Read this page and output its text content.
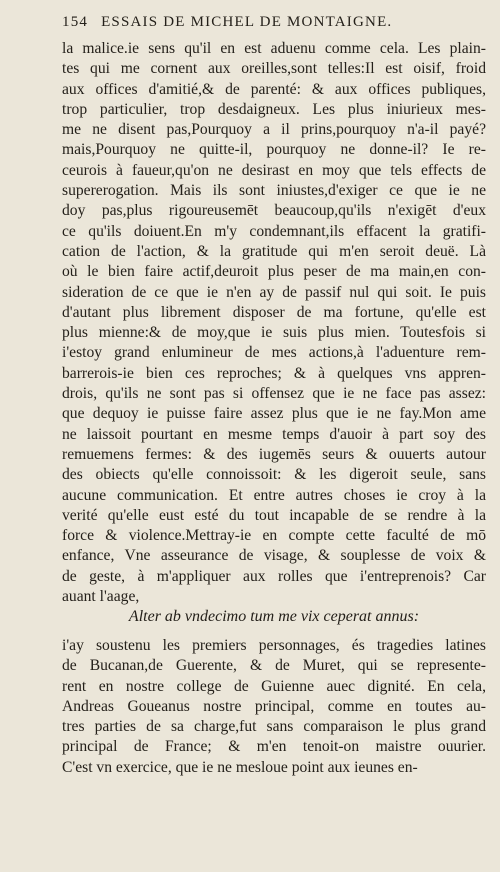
154 ESSAIS DE MICHEL DE MONTAIGNE.
la malice.ie sens qu'il en est aduenu comme cela. Les plain-
tes qui me cornent aux oreilles,sont telles:Il est oisif, froid
aux offices d'amitié,& de parenté: & aux offices publiques,
trop particulier, trop desdaigneux. Les plus iniurieux mes-
me ne disent pas,Pourquoy a il prins,pourquoy n'a-il payé?
mais,Pourquoy ne quitte-il, pourquoy ne donne-il? Ie re-
ceurois à faueur,qu'on ne desirast en moy que tels effects de
supererogation. Mais ils sont iniustes,d'exiger ce que ie ne
doy pas,plus rigoureusemēt beaucoup,qu'ils n'exigēt d'eux
ce qu'ils doiuent.En m'y condemnant,ils effacent la gratifi-
cation de l'action, & la gratitude qui m'en seroit deuë. Là
où le bien faire actif,deuroit plus peser de ma main,en con-
sideration de ce que ie n'en ay de passif nul qui soit. Ie puis
d'autant plus librement disposer de ma fortune, qu'elle est
plus mienne:& de moy,que ie suis plus mien. Toutesfois si
i'estoy grand enlumineur de mes actions,à l'aduenture rem-
barrerois-ie bien ces reproches; & à quelques vns appren-
drois, qu'ils ne sont pas si offensez que ie ne face pas assez:
que dequoy ie puisse faire assez plus que ie ne fay.Mon ame
ne laissoit pourtant en mesme temps d'auoir à part soy des
remuemens fermes: & des iugemēs seurs & ouuerts autour
des obiects qu'elle connoissoit: & les digeroit seule, sans
aucune communication. Et entre autres choses ie croy à la
verité qu'elle eust esté du tout incapable de se rendre à la
force & violence.Mettray-ie en compte cette faculté de mō
enfance, Vne asseurance de visage, & souplesse de voix &
de geste, à m'appliquer aux rolles que i'entreprenois? Car
auant l'aage,
Alter ab vndecimo tum me vix ceperat annus:
i'ay soustenu les premiers personnages, és tragedies latines
de Bucanan,de Guerente, & de Muret, qui se represente-
rent en nostre college de Guienne auec dignité. En cela,
Andreas Goueanus nostre principal, comme en toutes au-
tres parties de sa charge,fut sans comparaison le plus grand
principal de France; & m'en tenoit-on maistre ouurier.
C'est vn exercice, que ie ne mesloue point aux ieunes en-
